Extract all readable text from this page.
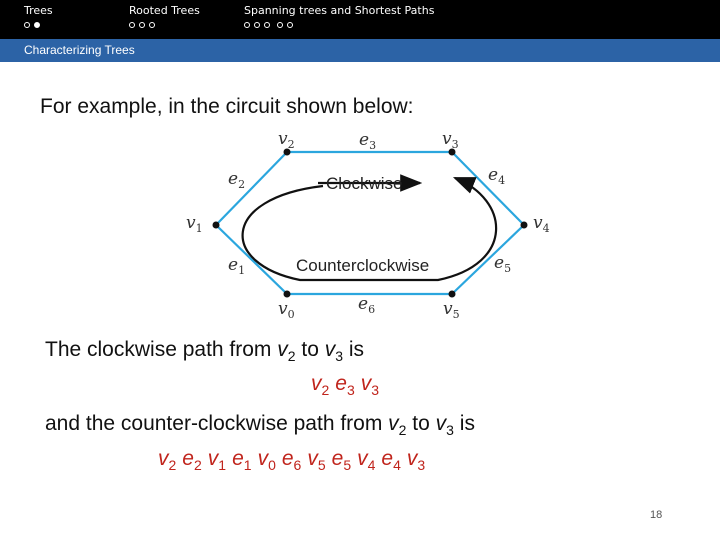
Trees	Rooted Trees	Spanning trees and Shortest Paths
Characterizing Trees
For example, in the circuit shown below:
Clockwise
Counterclockwise
$v_2$	$v_3$
$v_1$	$v_4$
$v_0$	$v_5$
$e_3$
$e_2$	$e_4$
$e_1$	$e_5$
$e_6$
The clockwise path from $v_2$ to $v_3$ is
$v_2$ $e_3$ $v_3$
and the counter-clockwise path from $v_2$ to $v_3$ is
$v_2$ $e_2$ $v_1$ $e_1$ $v_0$ $e_6$ $v_5$ $e_5$ $v_4$ $e_4$ $v_3$
18
